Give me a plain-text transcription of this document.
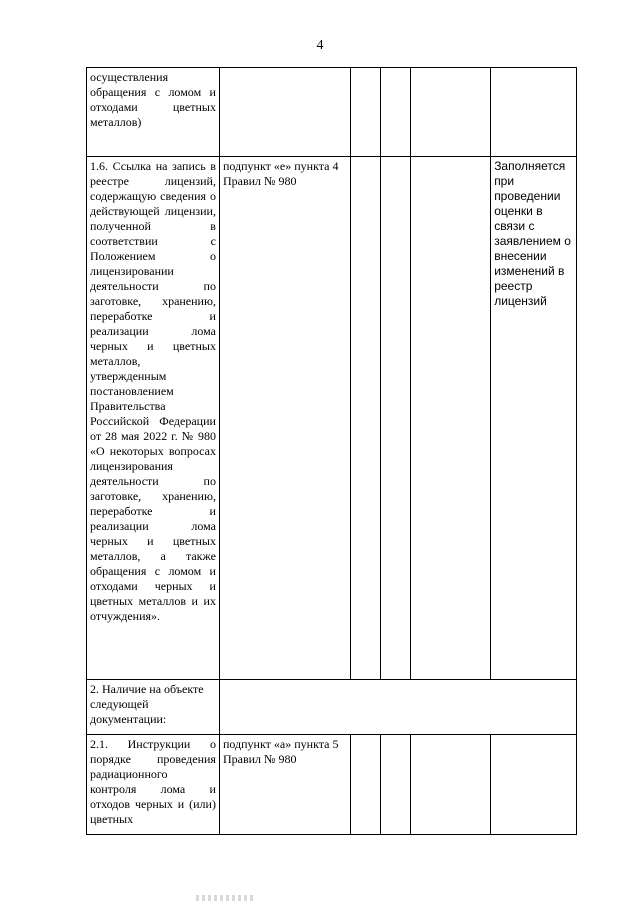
4
осуществления обращения с ломом и отходами цветных металлов)					
1.6. Ссылка на запись в реестре лицензий, содержащую сведения о действующей лицензии, полученной в соответствии с Положением о лицензировании деятельности по заготовке, хранению, переработке и реализации лома черных и цветных металлов, утвержденным постановлением Правительства Российской Федерации от 28 мая 2022 г. № 980 «О некоторых вопросах лицензирования деятельности по заготовке, хранению, переработке и реализации лома черных и цветных металлов, а также обращения с ломом и отходами черных и цветных металлов и их отчуждения».	подпункт «е» пункта 4 Правил № 980				Заполняется при проведении оценки в связи с заявлением о внесении изменений в реестр лицензий
2. Наличие на объекте следующей документации:					
2.1. Инструкции о порядке проведения радиационного контроля лома и отходов черных и (или) цветных	подпункт «а» пункта 5 Правил № 980				
